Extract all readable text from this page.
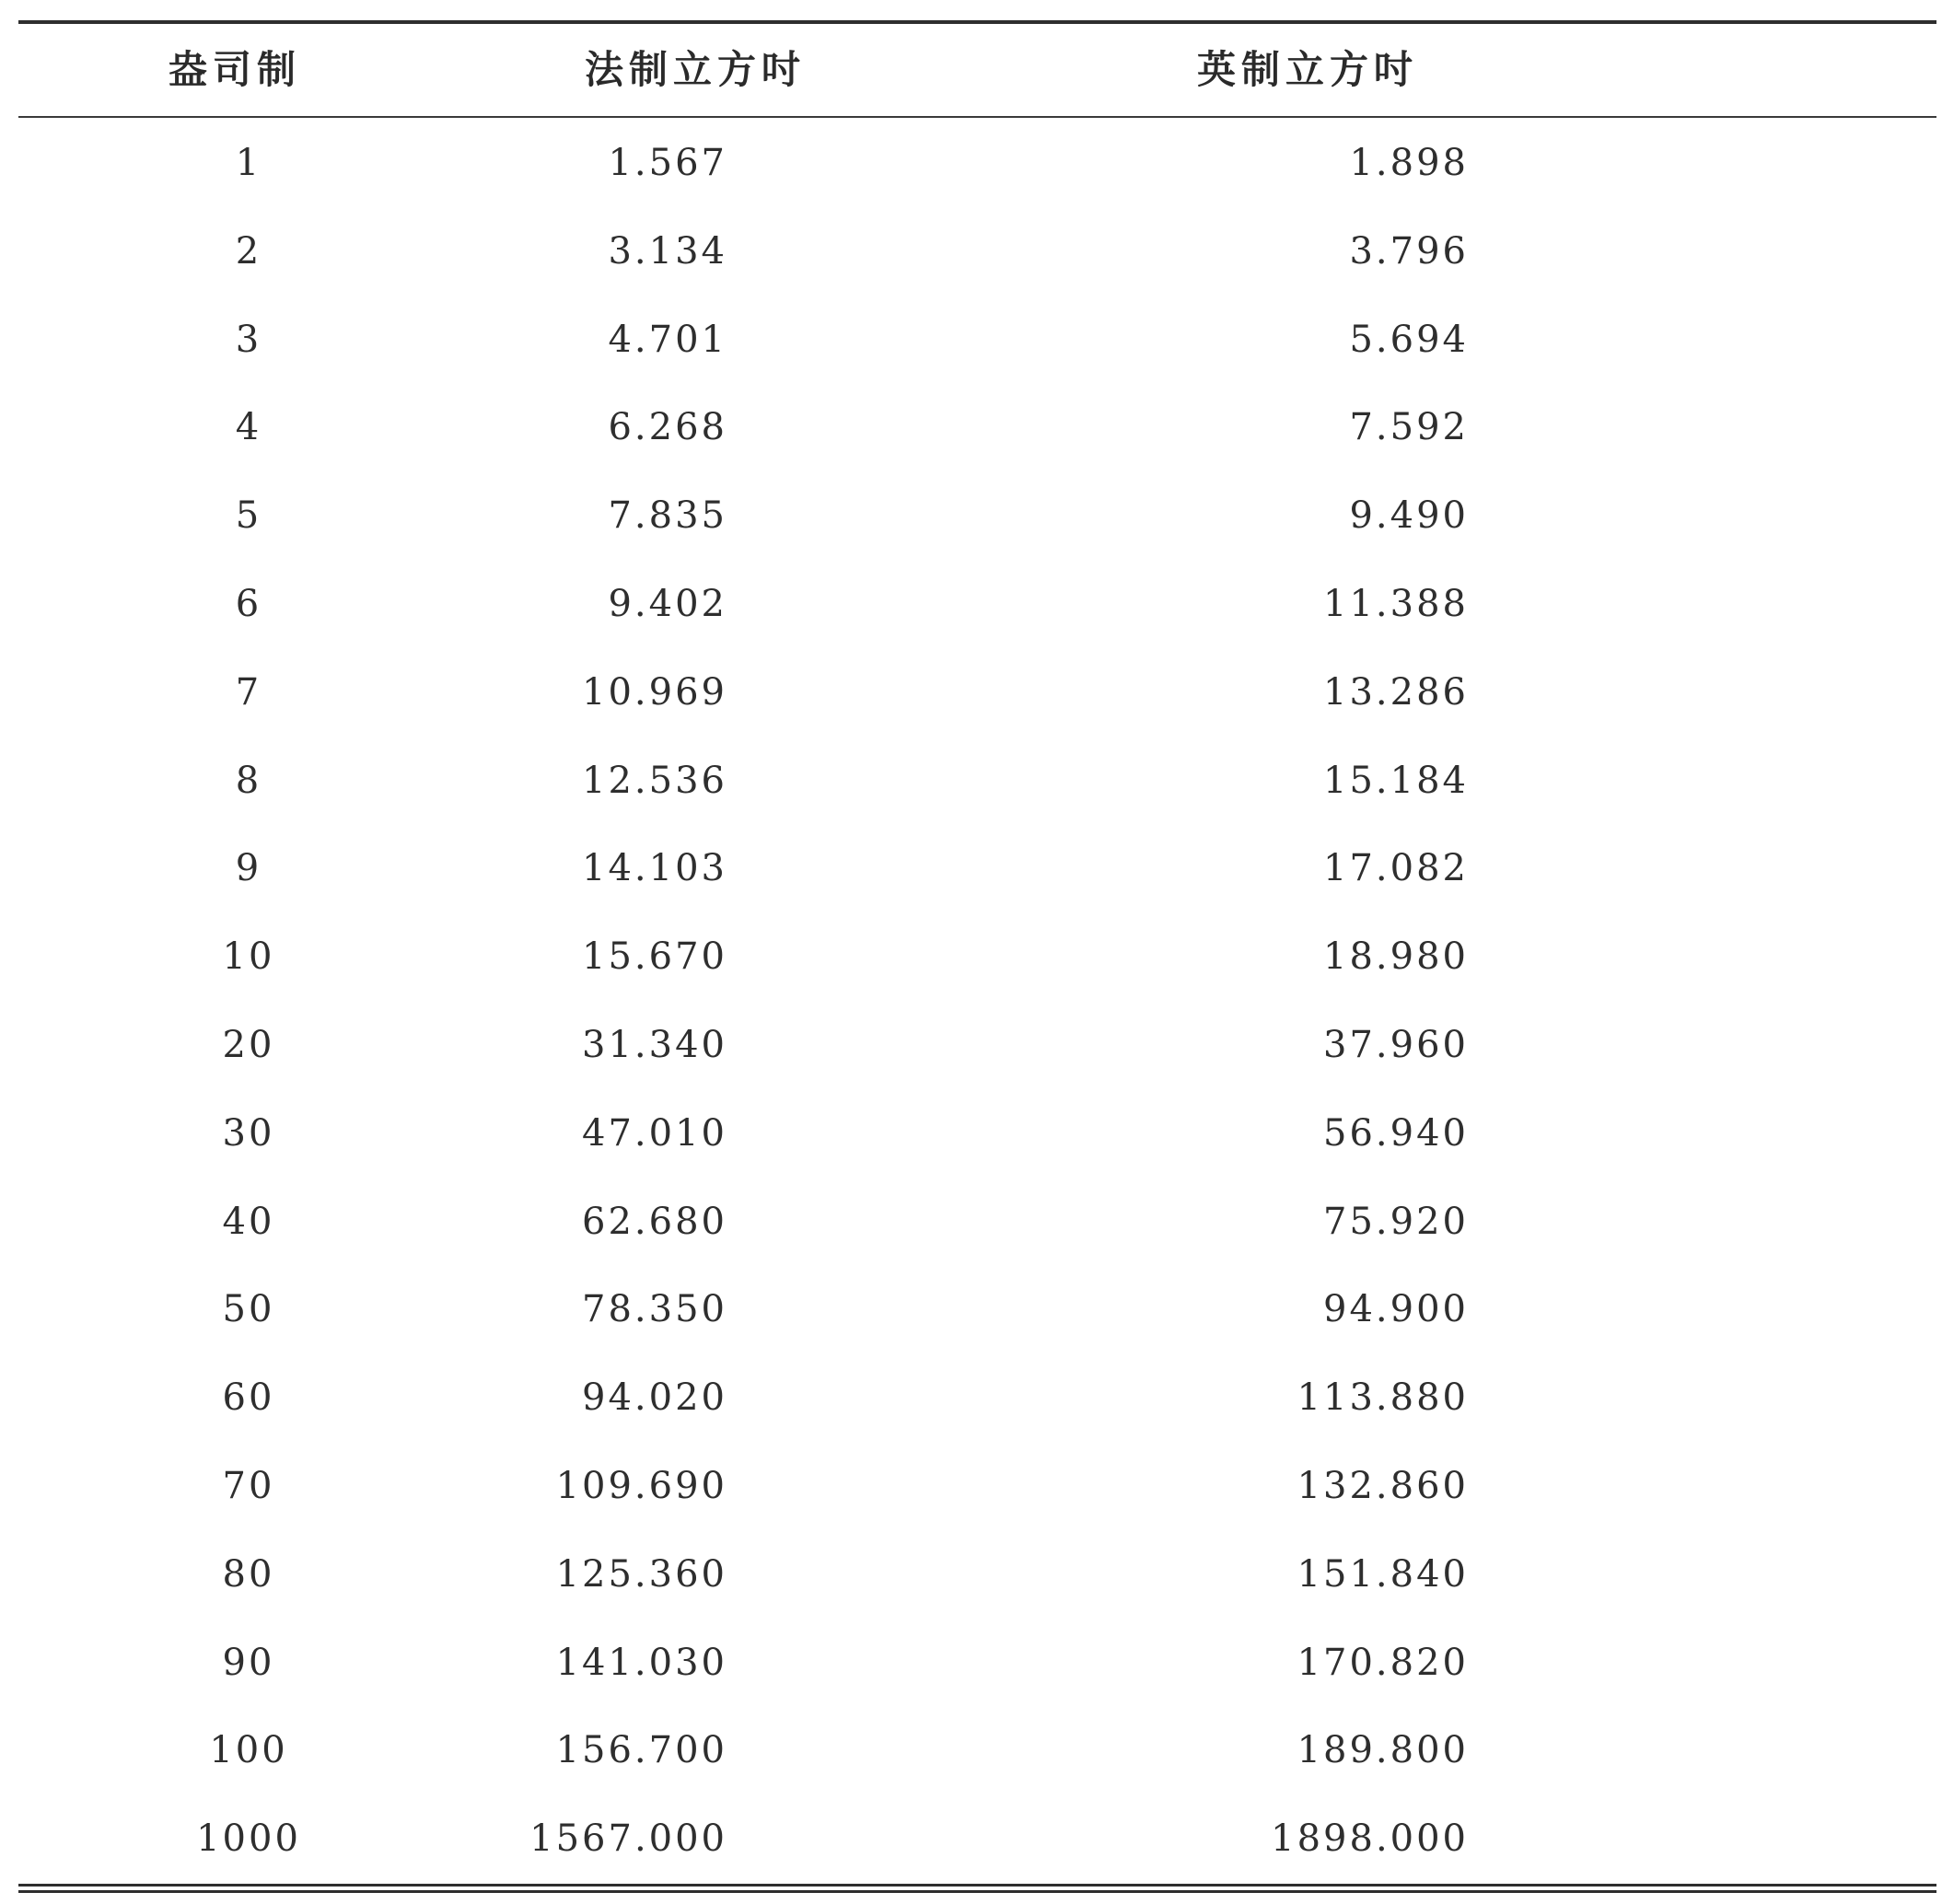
盎司制	法制立方吋	英制立方吋
1	1.567	1.898
2	3.134	3.796
3	4.701	5.694
4	6.268	7.592
5	7.835	9.490
6	9.402	11.388
7	10.969	13.286
8	12.536	15.184
9	14.103	17.082
10	15.670	18.980
20	31.340	37.960
30	47.010	56.940
40	62.680	75.920
50	78.350	94.900
60	94.020	113.880
70	109.690	132.860
80	125.360	151.840
90	141.030	170.820
100	156.700	189.800
1000	1567.000	1898.000
